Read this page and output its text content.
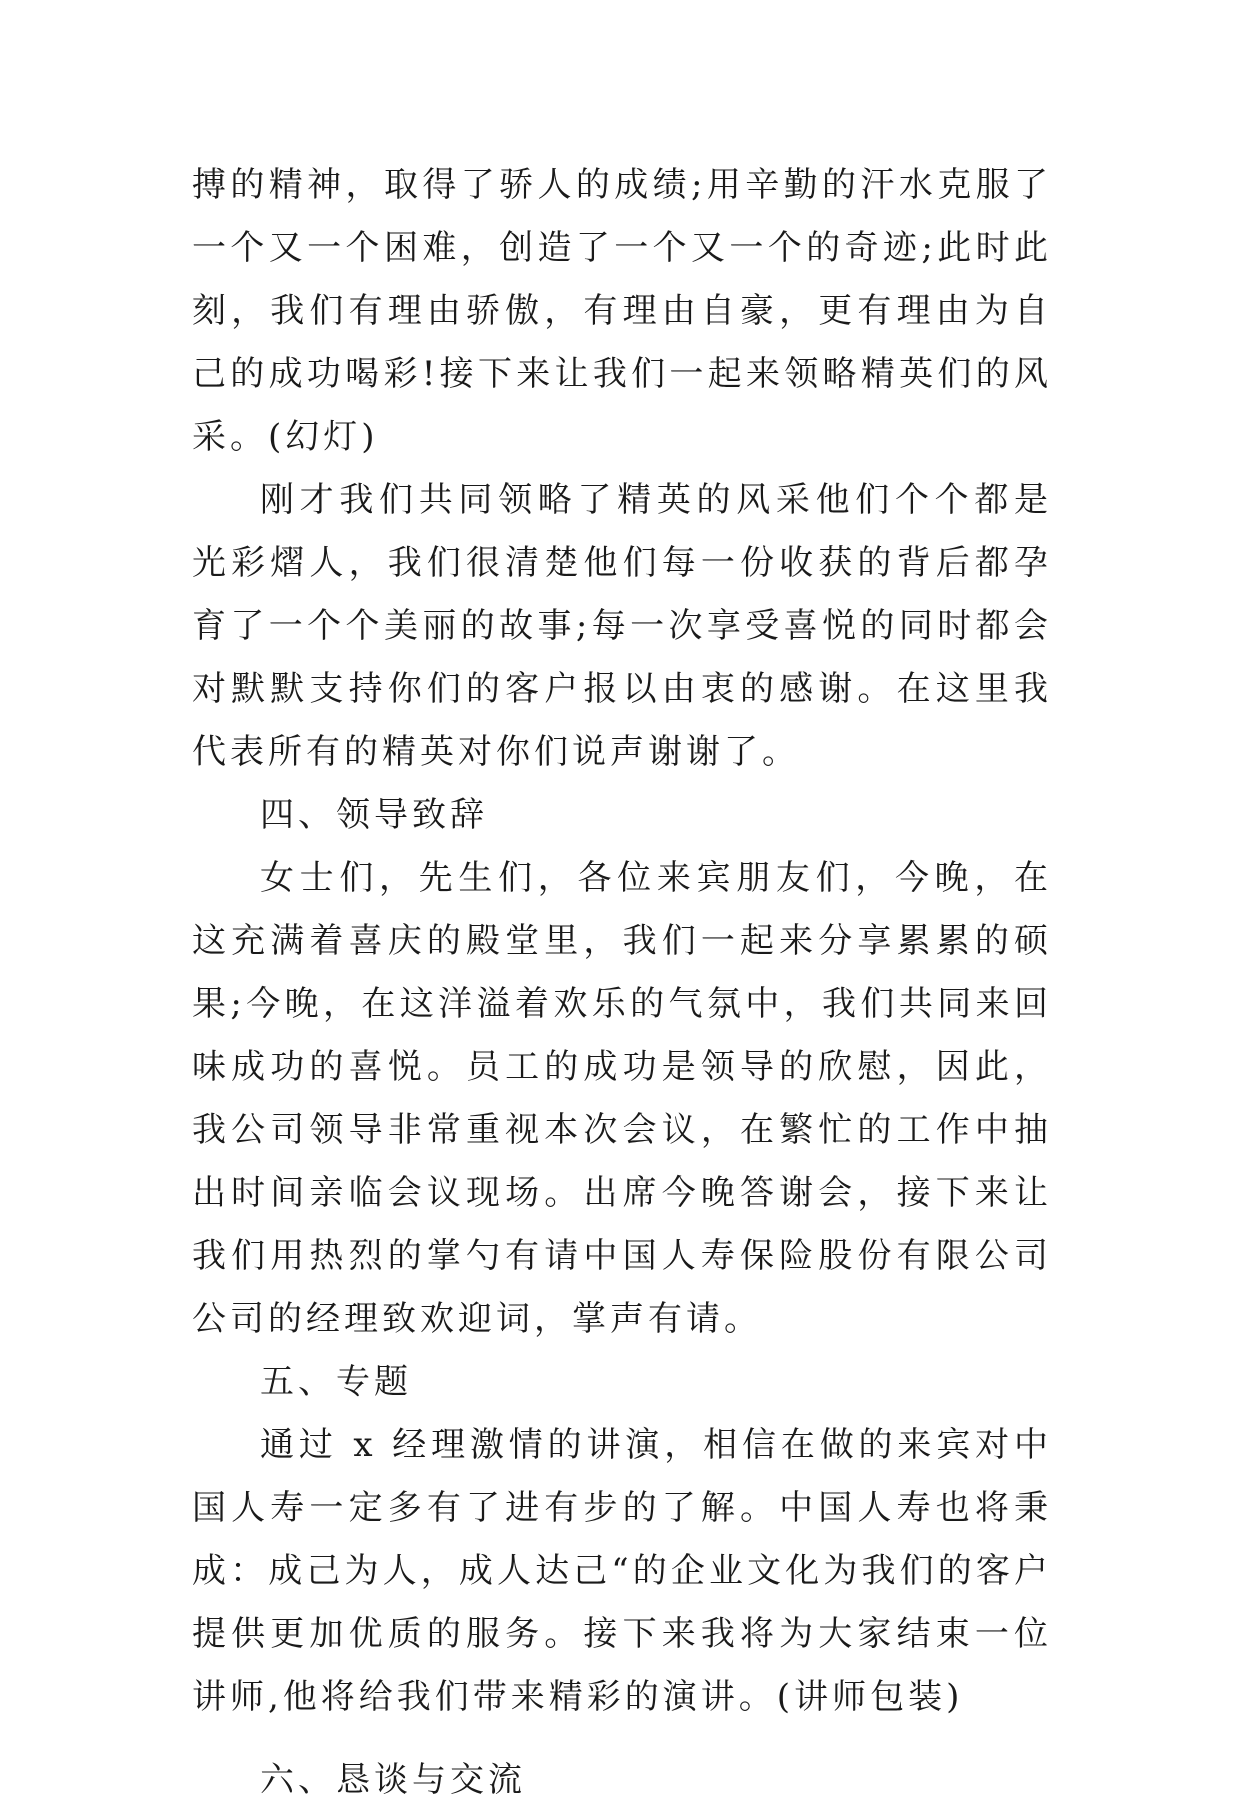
搏的精神，取得了骄人的成绩;用辛勤的汗水克服了一个又一个困难，创造了一个又一个的奇迹;此时此刻，我们有理由骄傲，有理由自豪，更有理由为自己的成功喝彩!接下来让我们一起来领略精英们的风采。(幻灯)

刚才我们共同领略了精英的风采他们个个都是光彩熠人，我们很清楚他们每一份收获的背后都孕育了一个个美丽的故事;每一次享受喜悦的同时都会对默默支持你们的客户报以由衷的感谢。在这里我代表所有的精英对你们说声谢谢了。

四、领导致辞

女士们，先生们，各位来宾朋友们，今晚，在这充满着喜庆的殿堂里，我们一起来分享累累的硕果;今晚，在这洋溢着欢乐的气氛中，我们共同来回味成功的喜悦。员工的成功是领导的欣慰，因此，我公司领导非常重视本次会议，在繁忙的工作中抽出时间亲临会议现场。出席今晚答谢会，接下来让我们用热烈的掌勺有请中国人寿保险股份有限公司公司的经理致欢迎词，掌声有请。

五、专题

通过 x 经理激情的讲演，相信在做的来宾对中国人寿一定多有了进有步的了解。中国人寿也将秉成：成己为人，成人达己“的企业文化为我们的客户提供更加优质的服务。接下来我将为大家结束一位讲师,他将给我们带来精彩的演讲。(讲师包装)

六、恳谈与交流
